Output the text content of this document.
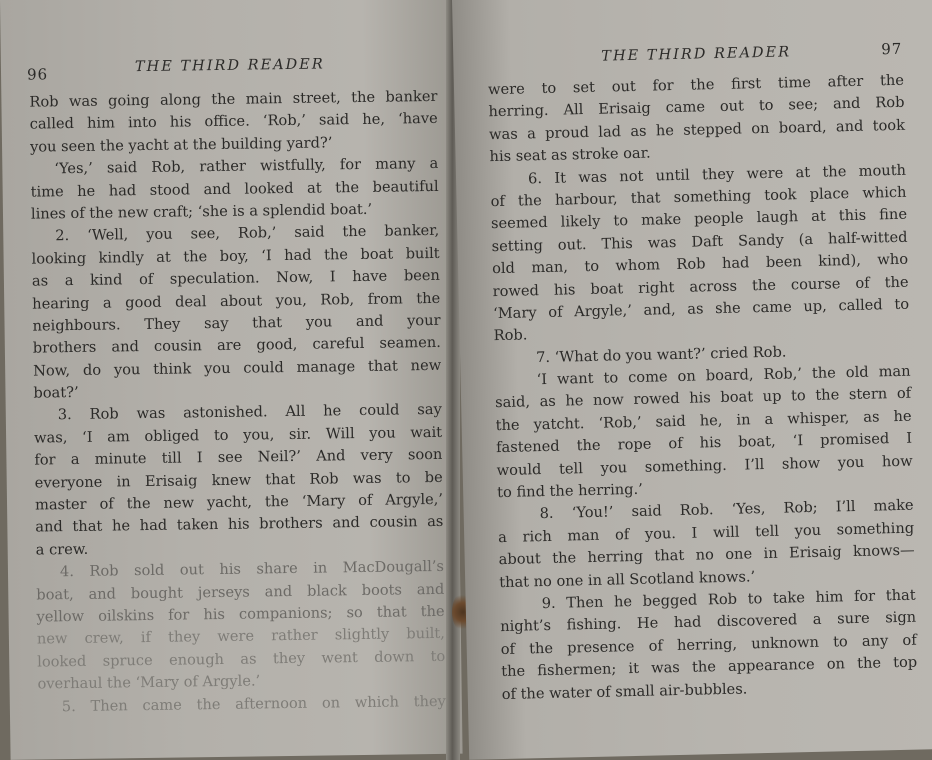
96	THE THIRD READER
Rob was going along the main street, the banker
called him into his office. ‘Rob,’ said he, ‘have
you seen the yacht at the building yard?’
‘Yes,’ said Rob, rather wistfully, for many a
time he had stood and looked at the beautiful
lines of the new craft; ‘she is a splendid boat.’
2. ‘Well, you see, Rob,’ said the banker,
looking kindly at the boy, ‘I had the boat built
as a kind of speculation. Now, I have been
hearing a good deal about you, Rob, from the
neighbours. They say that you and your
brothers and cousin are good, careful seamen.
Now, do you think you could manage that new
boat?’
3. Rob was astonished. All he could say
was, ‘I am obliged to you, sir. Will you wait
for a minute till I see Neil?’ And very soon
everyone in Erisaig knew that Rob was to be
master of the new yacht, the ‘Mary of Argyle,’
and that he had taken his brothers and cousin as
a crew.
4. Rob sold out his share in MacDougall’s
boat, and bought jerseys and black boots and
yellow oilskins for his companions; so that the
new crew, if they were rather slightly built,
looked spruce enough as they went down to
overhaul the ‘Mary of Argyle.’
5. Then came the afternoon on which they
THE THIRD READER	97
were to set out for the first time after the
herring. All Erisaig came out to see; and Rob
was a proud lad as he stepped on board, and took
his seat as stroke oar.
6. It was not until they were at the mouth
of the harbour, that something took place which
seemed likely to make people laugh at this fine
setting out. This was Daft Sandy (a half-witted
old man, to whom Rob had been kind), who
rowed his boat right across the course of the
‘Mary of Argyle,’ and, as she came up, called to
Rob.
7. ‘What do you want?’ cried Rob.
‘I want to come on board, Rob,’ the old man
said, as he now rowed his boat up to the stern of
the yatcht. ‘Rob,’ said he, in a whisper, as he
fastened the rope of his boat, ‘I promised I
would tell you something. I’ll show you how
to find the herring.’
8. ‘You!’ said Rob. ‘Yes, Rob; I’ll make
a rich man of you. I will tell you something
about the herring that no one in Erisaig knows—
that no one in all Scotland knows.’
9. Then he begged Rob to take him for that
night’s fishing. He had discovered a sure sign
of the presence of herring, unknown to any of
the fishermen; it was the appearance on the top
of the water of small air-bubbles.
